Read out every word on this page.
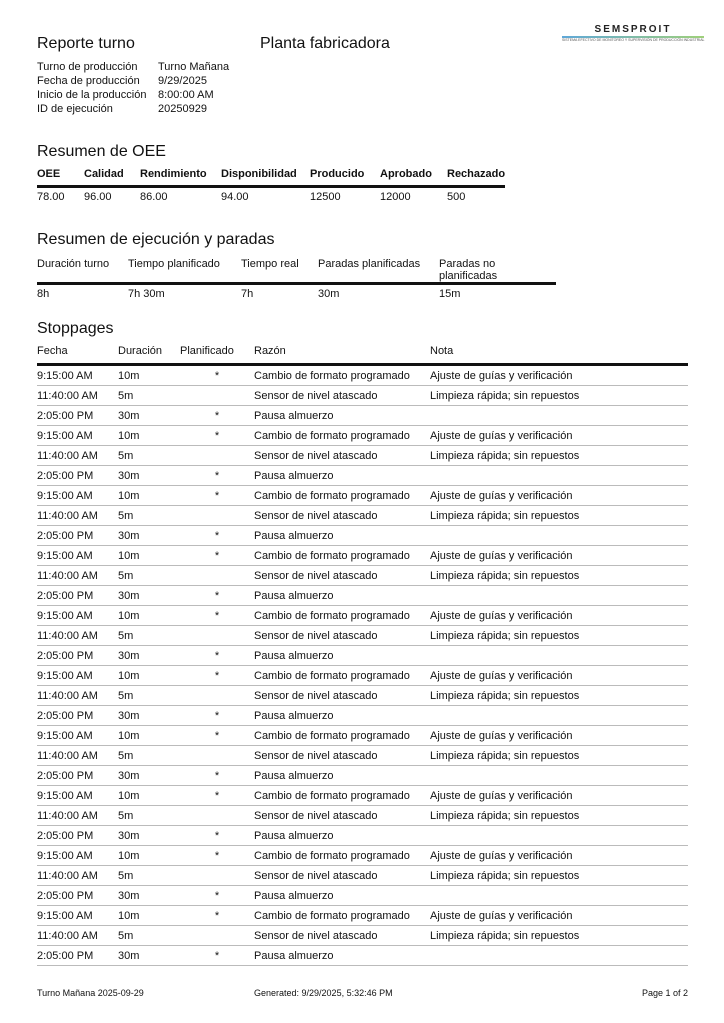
Reporte turno	Planta fabricadora
SEMSPROIT
SISTEMA EFECTIVO DE MONITOREO Y SUPERVISIÓN DE PRODUCCIÓN INDUSTRIAL
Turno de producción	Turno Mañana
Fecha de producción	9/29/2025
Inicio de la producción	8:00:00 AM
ID de ejecución	20250929
Resumen de OEE
OEE	Calidad	Rendimiento	Disponibilidad	Producido	Aprobado	Rechazado
78.00	96.00	86.00	94.00	12500	12000	500
Resumen de ejecución y paradas
Duración turno	Tiempo planificado	Tiempo real	Paradas planificadas	Paradas no planificadas
8h	7h 30m	7h	30m	15m
Stoppages
Fecha	Duración	Planificado	Razón	Nota
9:15:00 AM	10m	*	Cambio de formato programado	Ajuste de guías y verificación
11:40:00 AM	5m		Sensor de nivel atascado	Limpieza rápida; sin repuestos
2:05:00 PM	30m	*	Pausa almuerzo	
9:15:00 AM	10m	*	Cambio de formato programado	Ajuste de guías y verificación
11:40:00 AM	5m		Sensor de nivel atascado	Limpieza rápida; sin repuestos
2:05:00 PM	30m	*	Pausa almuerzo	
9:15:00 AM	10m	*	Cambio de formato programado	Ajuste de guías y verificación
11:40:00 AM	5m		Sensor de nivel atascado	Limpieza rápida; sin repuestos
2:05:00 PM	30m	*	Pausa almuerzo	
9:15:00 AM	10m	*	Cambio de formato programado	Ajuste de guías y verificación
11:40:00 AM	5m		Sensor de nivel atascado	Limpieza rápida; sin repuestos
2:05:00 PM	30m	*	Pausa almuerzo	
9:15:00 AM	10m	*	Cambio de formato programado	Ajuste de guías y verificación
11:40:00 AM	5m		Sensor de nivel atascado	Limpieza rápida; sin repuestos
2:05:00 PM	30m	*	Pausa almuerzo	
9:15:00 AM	10m	*	Cambio de formato programado	Ajuste de guías y verificación
11:40:00 AM	5m		Sensor de nivel atascado	Limpieza rápida; sin repuestos
2:05:00 PM	30m	*	Pausa almuerzo	
9:15:00 AM	10m	*	Cambio de formato programado	Ajuste de guías y verificación
11:40:00 AM	5m		Sensor de nivel atascado	Limpieza rápida; sin repuestos
2:05:00 PM	30m	*	Pausa almuerzo	
9:15:00 AM	10m	*	Cambio de formato programado	Ajuste de guías y verificación
11:40:00 AM	5m		Sensor de nivel atascado	Limpieza rápida; sin repuestos
2:05:00 PM	30m	*	Pausa almuerzo	
9:15:00 AM	10m	*	Cambio de formato programado	Ajuste de guías y verificación
11:40:00 AM	5m		Sensor de nivel atascado	Limpieza rápida; sin repuestos
2:05:00 PM	30m	*	Pausa almuerzo	
9:15:00 AM	10m	*	Cambio de formato programado	Ajuste de guías y verificación
11:40:00 AM	5m		Sensor de nivel atascado	Limpieza rápida; sin repuestos
2:05:00 PM	30m	*	Pausa almuerzo	
Turno Mañana 2025-09-29	Generated: 9/29/2025, 5:32:46 PM	Page 1 of 2
